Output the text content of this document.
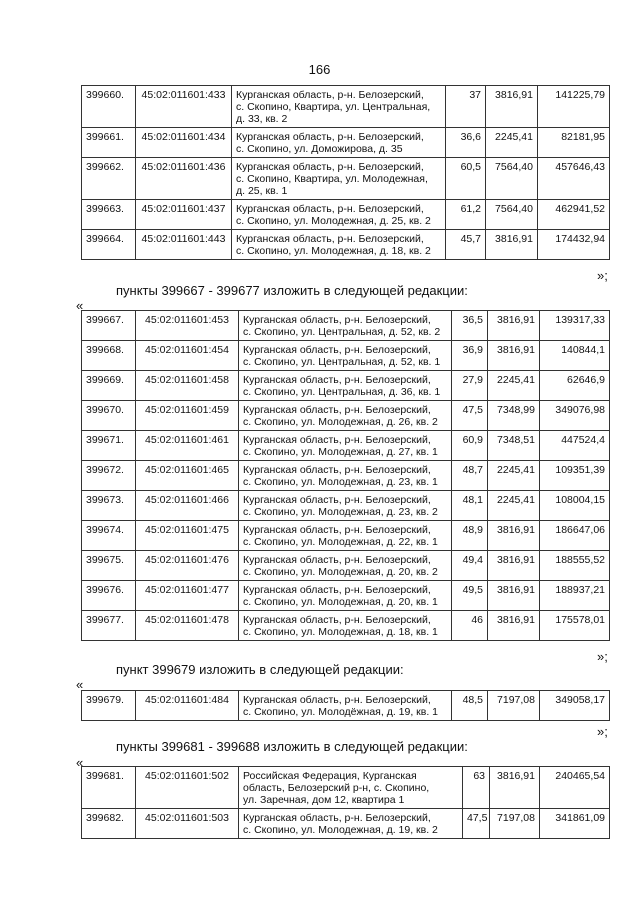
166
399660.	45:02:011601:433	Курганская область, р-н. Белозерский,
с. Скопино, Квартира, ул. Центральная,
д. 33, кв. 2	37	3816,91	141225,79
399661.	45:02:011601:434	Курганская область, р-н. Белозерский,
с. Скопино, ул. Доможирова, д. 35	36,6	2245,41	82181,95
399662.	45:02:011601:436	Курганская область, р-н. Белозерский,
с. Скопино, Квартира, ул. Молодежная,
д. 25, кв. 1	60,5	7564,40	457646,43
399663.	45:02:011601:437	Курганская область, р-н. Белозерский,
с. Скопино, ул. Молодежная, д. 25, кв. 2	61,2	7564,40	462941,52
399664.	45:02:011601:443	Курганская область, р-н. Белозерский,
с. Скопино, ул. Молодежная, д. 18, кв. 2	45,7	3816,91	174432,94
»;
пункты 399667 - 399677 изложить в следующей редакции:
«
399667.	45:02:011601:453	Курганская область, р-н. Белозерский,
с. Скопино, ул. Центральная, д. 52, кв. 2	36,5	3816,91	139317,33
399668.	45:02:011601:454	Курганская область, р-н. Белозерский,
с. Скопино, ул. Центральная, д. 52, кв. 1	36,9	3816,91	140844,1
399669.	45:02:011601:458	Курганская область, р-н. Белозерский,
с. Скопино, ул. Центральная, д. 36, кв. 1	27,9	2245,41	62646,9
399670.	45:02:011601:459	Курганская область, р-н. Белозерский,
с. Скопино, ул. Молодежная, д. 26, кв. 2	47,5	7348,99	349076,98
399671.	45:02:011601:461	Курганская область, р-н. Белозерский,
с. Скопино, ул. Молодежная, д. 27, кв. 1	60,9	7348,51	447524,4
399672.	45:02:011601:465	Курганская область, р-н. Белозерский,
с. Скопино, ул. Молодежная, д. 23, кв. 1	48,7	2245,41	109351,39
399673.	45:02:011601:466	Курганская область, р-н. Белозерский,
с. Скопино, ул. Молодежная, д. 23, кв. 2	48,1	2245,41	108004,15
399674.	45:02:011601:475	Курганская область, р-н. Белозерский,
с. Скопино, ул. Молодежная, д. 22, кв. 1	48,9	3816,91	186647,06
399675.	45:02:011601:476	Курганская область, р-н. Белозерский,
с. Скопино, ул. Молодежная, д. 20, кв. 2	49,4	3816,91	188555,52
399676.	45:02:011601:477	Курганская область, р-н. Белозерский,
с. Скопино, ул. Молодежная, д. 20, кв. 1	49,5	3816,91	188937,21
399677.	45:02:011601:478	Курганская область, р-н. Белозерский,
с. Скопино, ул. Молодежная, д. 18, кв. 1	46	3816,91	175578,01
»;
пункт 399679 изложить в следующей редакции:
«
399679.	45:02:011601:484	Курганская область, р-н. Белозерский,
с. Скопино, ул. Молодёжная, д. 19, кв. 1
	48,5	7197,08	349058,17
»;
пункты 399681 - 399688 изложить в следующей редакции:
«
399681.	45:02:011601:502	Российская Федерация, Курганская
область, Белозерский р-н, с. Скопино,
ул. Заречная, дом 12, квартира 1	63	3816,91	240465,54
399682.	45:02:011601:503	Курганская область, р-н. Белозерский,
с. Скопино, ул. Молодежная, д. 19, кв. 2	47,5	7197,08	341861,09
